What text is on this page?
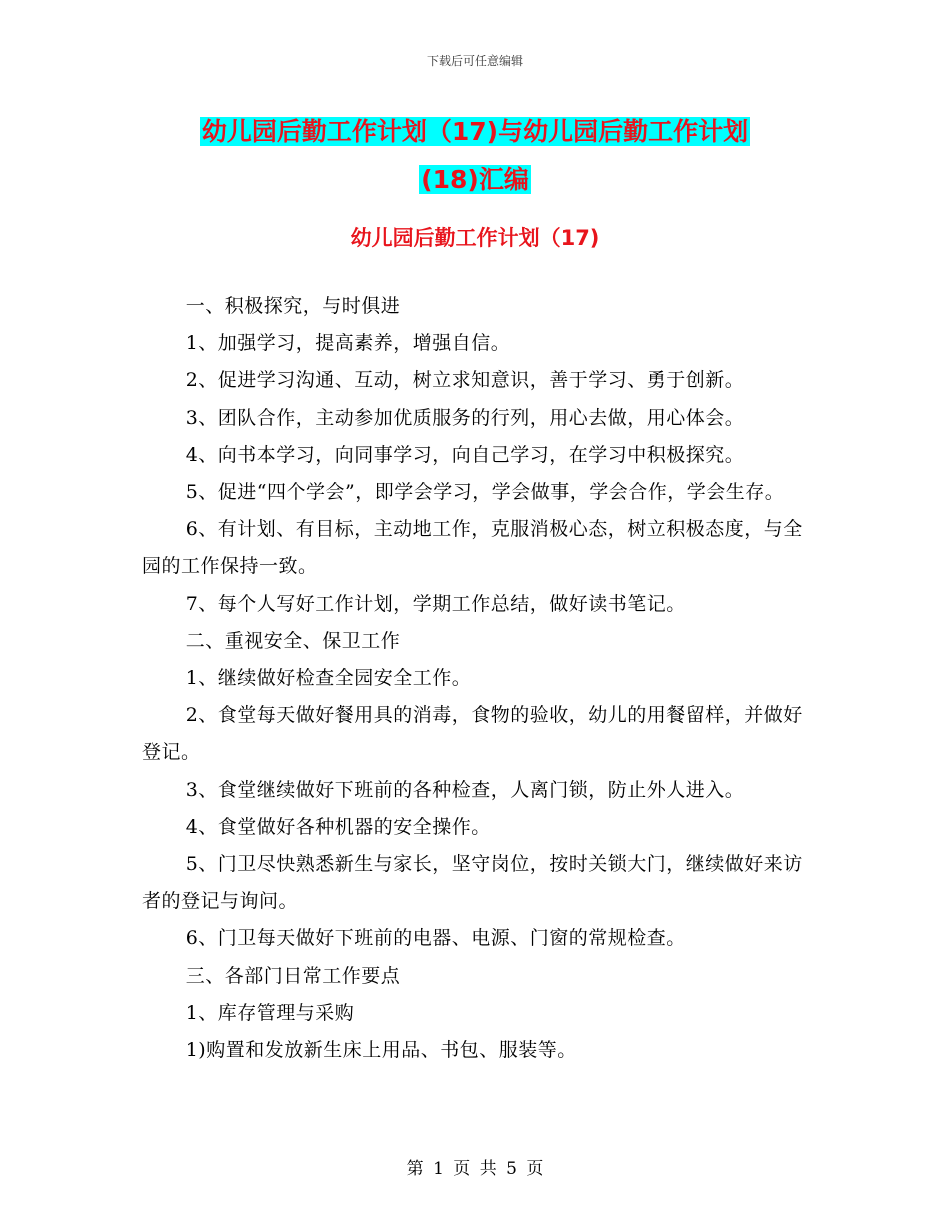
下载后可任意编辑
幼儿园后勤工作计划（17)与幼儿园后勤工作计划
(18)汇编
幼儿园后勤工作计划（17)

一、积极探究，与时俱进

1、加强学习，提高素养，增强自信。

2、促进学习沟通、互动，树立求知意识，善于学习、勇于创新。

3、团队合作，主动参加优质服务的行列，用心去做，用心体会。

4、向书本学习，向同事学习，向自己学习，在学习中积极探究。

5、促进“四个学会”，即学会学习，学会做事，学会合作，学会生存。

6、有计划、有目标，主动地工作，克服消极心态，树立积极态度，与全园的工作保持一致。

7、每个人写好工作计划，学期工作总结，做好读书笔记。

二、重视安全、保卫工作

1、继续做好检查全园安全工作。

2、食堂每天做好餐用具的消毒，食物的验收，幼儿的用餐留样，并做好登记。

3、食堂继续做好下班前的各种检查，人离门锁，防止外人进入。

4、食堂做好各种机器的安全操作。

5、门卫尽快熟悉新生与家长，坚守岗位，按时关锁大门，继续做好来访者的登记与询问。

6、门卫每天做好下班前的电器、电源、门窗的常规检查。

三、各部门日常工作要点

1、库存管理与采购

1)购置和发放新生床上用品、书包、服装等。

第 1 页 共 5 页
